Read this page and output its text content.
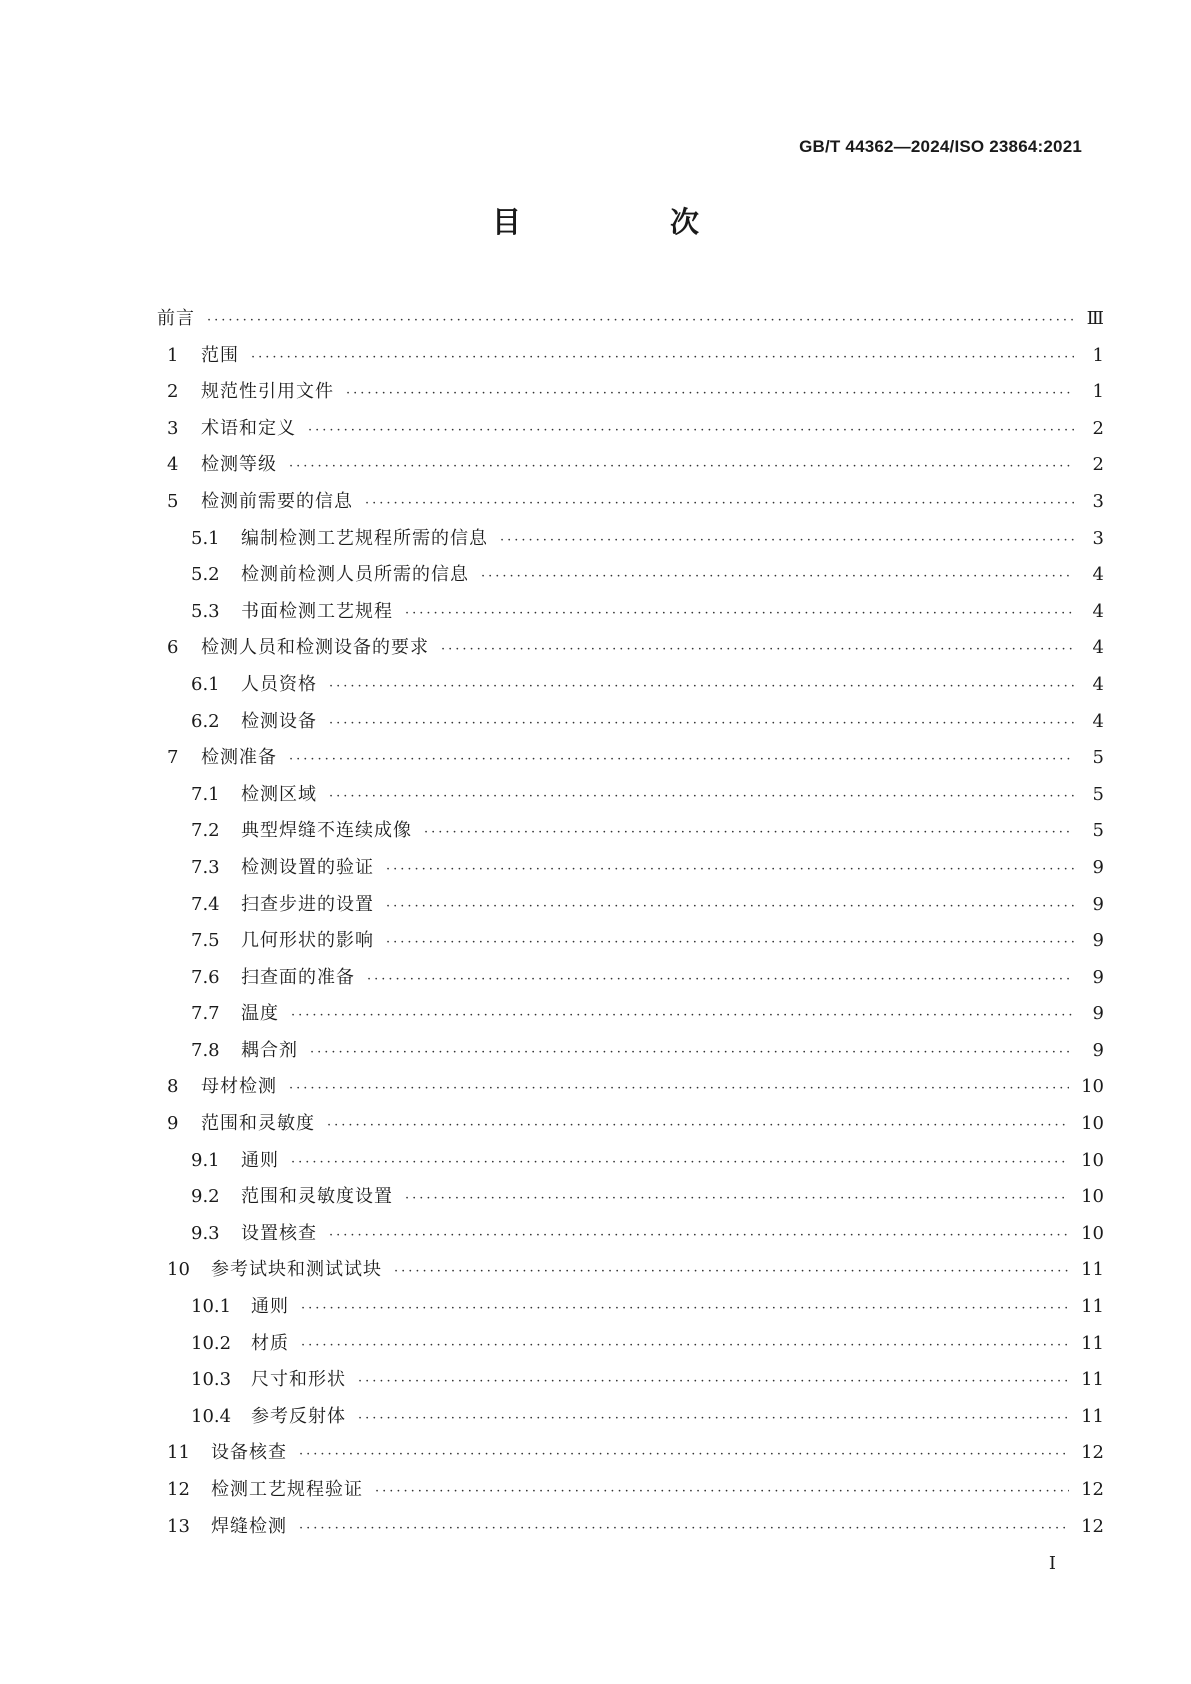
GB/T 44362—2024/ISO 23864:2021
目　次
前言 ·····	Ⅲ
1	范围 ·····	1
2	规范性引用文件 ·····	1
3	术语和定义 ·····	2
4	检测等级 ·····	2
5	检测前需要的信息 ·····	3
5.1	编制检测工艺规程所需的信息 ·····	3
5.2	检测前检测人员所需的信息 ·····	4
5.3	书面检测工艺规程 ·····	4
6	检测人员和检测设备的要求 ·····	4
6.1	人员资格 ·····	4
6.2	检测设备 ·····	4
7	检测准备 ·····	5
7.1	检测区域 ·····	5
7.2	典型焊缝不连续成像 ·····	5
7.3	检测设置的验证 ·····	9
7.4	扫查步进的设置 ·····	9
7.5	几何形状的影响 ·····	9
7.6	扫查面的准备 ·····	9
7.7	温度 ·····	9
7.8	耦合剂 ·····	9
8	母材检测 ·····	10
9	范围和灵敏度 ·····	10
9.1	通则 ·····	10
9.2	范围和灵敏度设置 ·····	10
9.3	设置核查 ·····	10
10	参考试块和测试试块 ·····	11
10.1	通则 ·····	11
10.2	材质 ·····	11
10.3	尺寸和形状 ·····	11
10.4	参考反射体 ·····	11
11	设备核查 ·····	12
12	检测工艺规程验证 ·····	12
13	焊缝检测 ·····	12
I
